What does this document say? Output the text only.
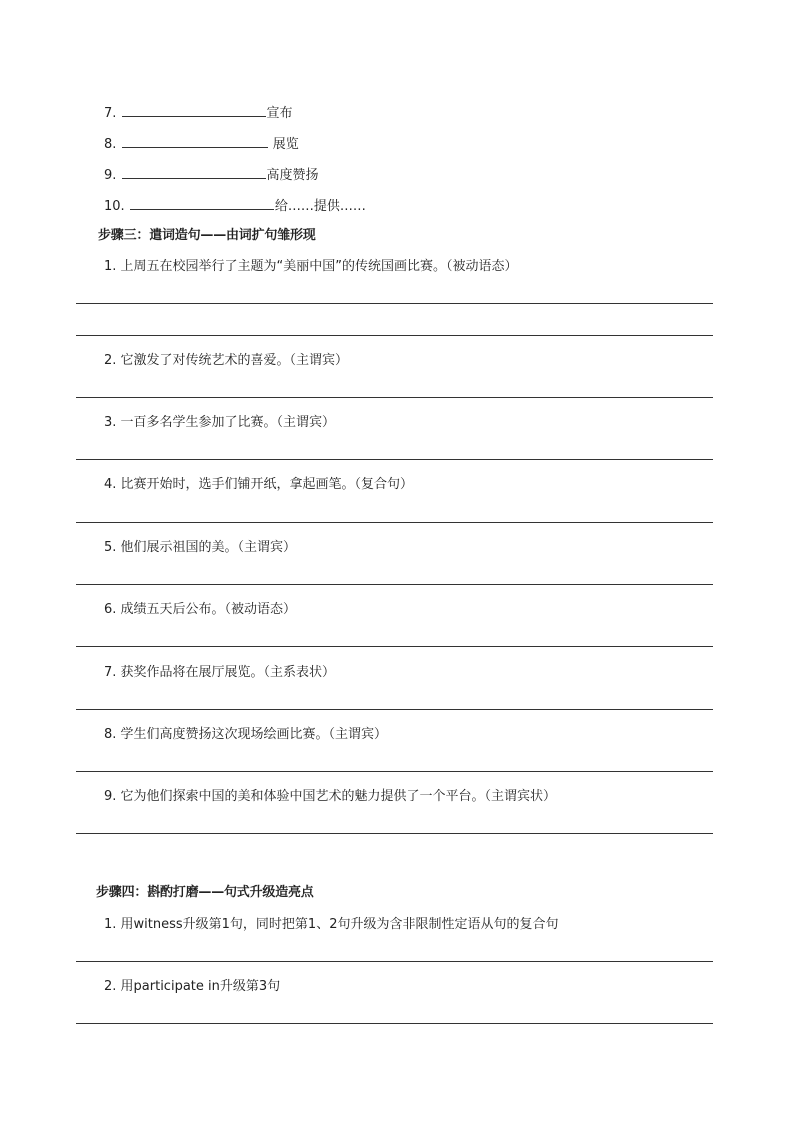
7.	宣布
8.	展览
9.	高度赞扬
10.	给……提供……
步骤三：遣词造句——由词扩句雏形现
1. 上周五在校园举行了主题为“美丽中国”的传统国画比赛。（被动语态）
2. 它激发了对传统艺术的喜爱。（主谓宾）
3. 一百多名学生参加了比赛。（主谓宾）
4. 比赛开始时，选手们铺开纸，拿起画笔。（复合句）
5. 他们展示祖国的美。（主谓宾）
6. 成绩五天后公布。（被动语态）
7. 获奖作品将在展厅展览。（主系表状）
8. 学生们高度赞扬这次现场绘画比赛。（主谓宾）
9. 它为他们探索中国的美和体验中国艺术的魅力提供了一个平台。（主谓宾状）
步骤四：斟酌打磨——句式升级造亮点
1. 用witness升级第1句，同时把第1、2句升级为含非限制性定语从句的复合句
2. 用participate in升级第3句
